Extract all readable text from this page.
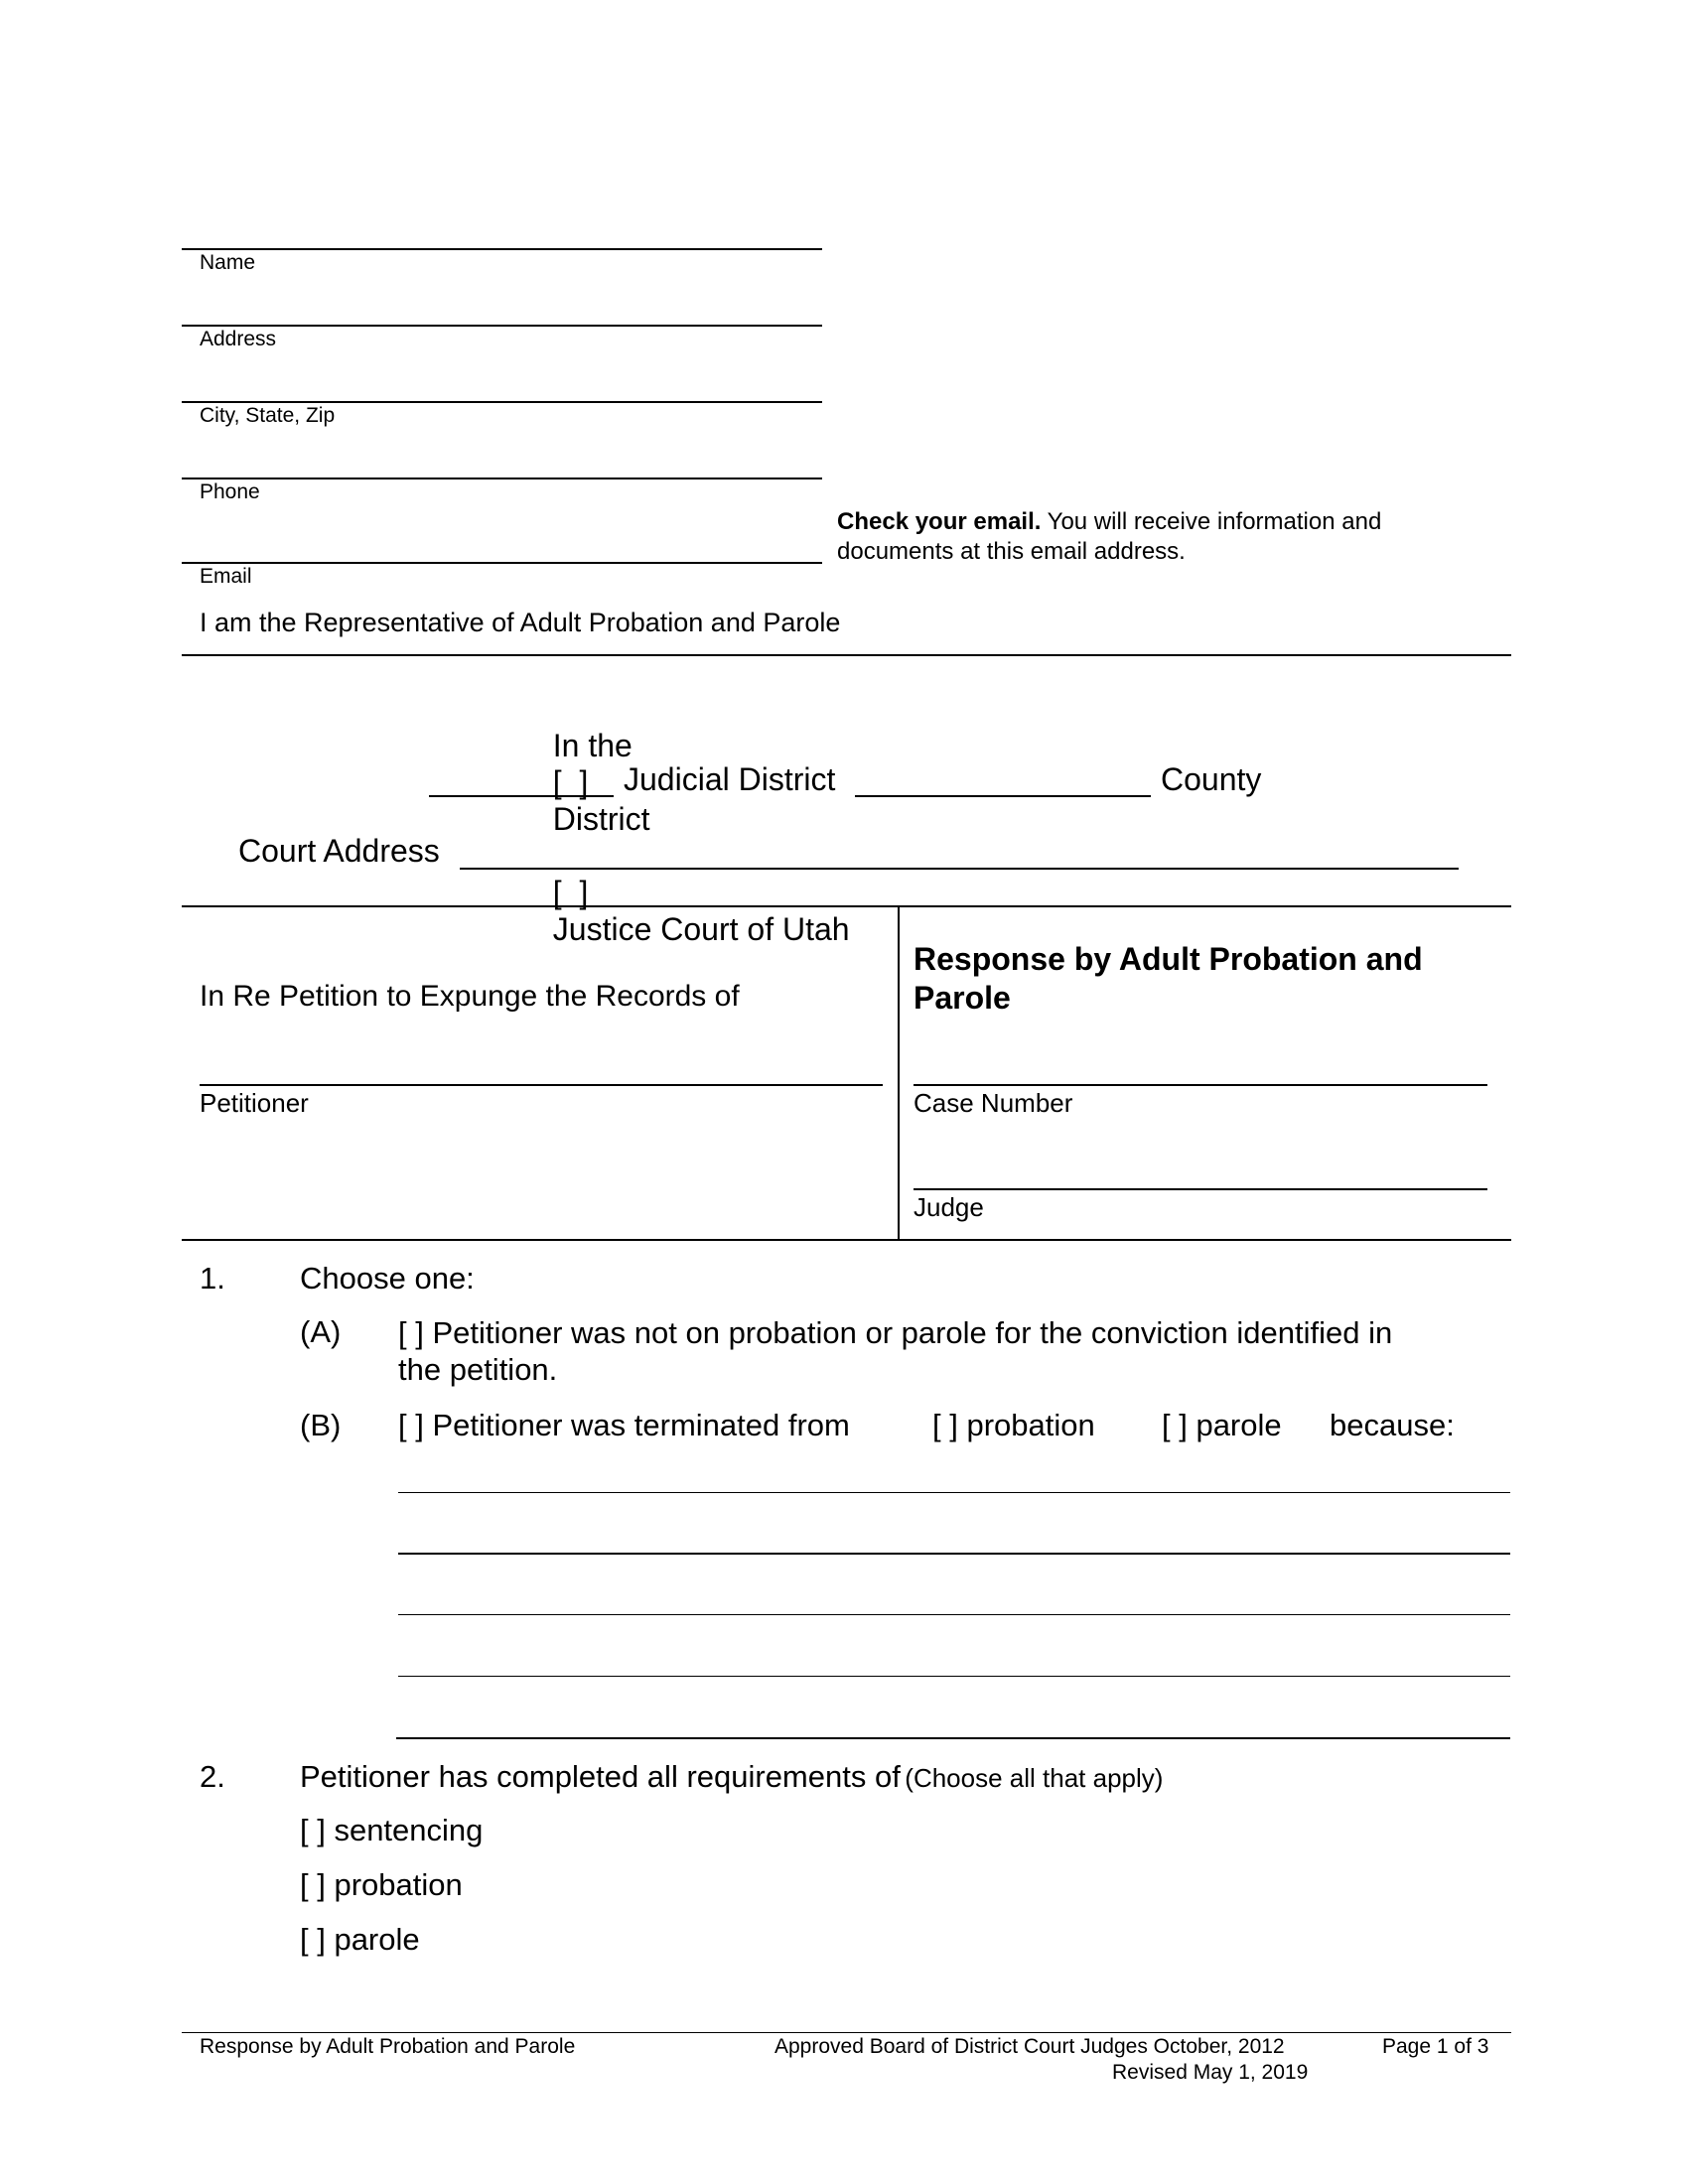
Name
Address
City, State, Zip
Phone
Email
Check your email. You will receive information and
documents at this email address.
I am the Representative of Adult Probation and Parole

In the
[  ]
District

[  ]
Justice Court of Utah

Judicial District	County
Court Address
In Re Petition to Expunge the Records of
Petitioner
Response by Adult Probation and
Parole
Case Number
Judge
1. Choose one:
(A) [ ] Petitioner was not on probation or parole for the conviction identified in
the petition.
(B) [ ] Petitioner was terminated from	[ ] probation [ ] parole because:
2. Petitioner has completed all requirements of (Choose all that apply)
[ ] sentencing
[ ] probation
[ ] parole
Response by Adult Probation and Parole	Approved Board of District Court Judges October, 2012
Revised May 1, 2019
Page 1 of 3
